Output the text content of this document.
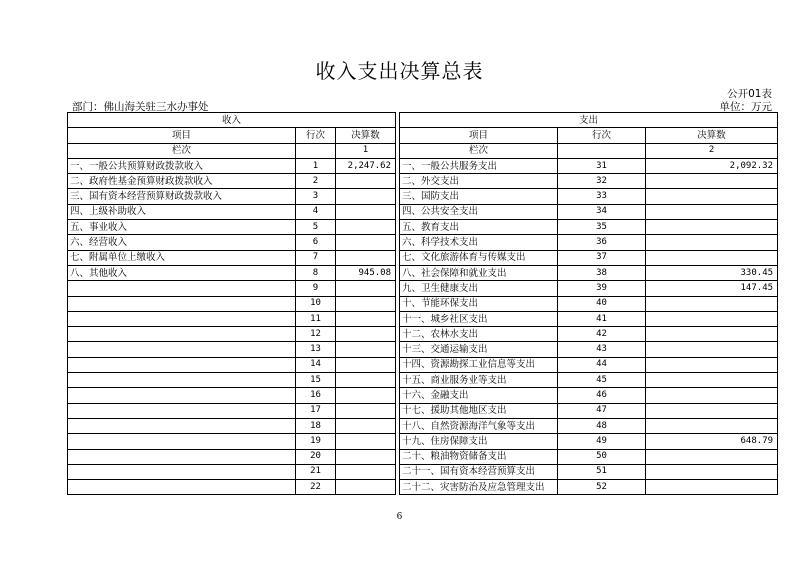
收入支出决算总表
公开01表
部门：佛山海关驻三水办事处	单位：万元
收入				支出		
项目	行次	决算数		项目	行次	决算数
栏次		1		栏次		2
一、一般公共预算财政拨款收入	1	2,247.62		一、一般公共服务支出	31	2,092.32
二、政府性基金预算财政拨款收入	2			二、外交支出	32	
三、国有资本经营预算财政拨款收入	3			三、国防支出	33	
四、上级补助收入	4			四、公共安全支出	34	
五、事业收入	5			五、教育支出	35	
六、经营收入	6			六、科学技术支出	36	
七、附属单位上缴收入	7			七、文化旅游体育与传媒支出	37	
八、其他收入	8	945.08		八、社会保障和就业支出	38	330.45
	9			九、卫生健康支出	39	147.45
	10			十、节能环保支出	40	
	11			十一、城乡社区支出	41	
	12			十二、农林水支出	42	
	13			十三、交通运输支出	43	
	14			十四、资源勘探工业信息等支出	44	
	15			十五、商业服务业等支出	45	
	16			十六、金融支出	46	
	17			十七、援助其他地区支出	47	
	18			十八、自然资源海洋气象等支出	48	
	19			十九、住房保障支出	49	648.79
	20			二十、粮油物资储备支出	50	
	21			二十一、国有资本经营预算支出	51	
	22			二十二、灾害防治及应急管理支出	52	
6
